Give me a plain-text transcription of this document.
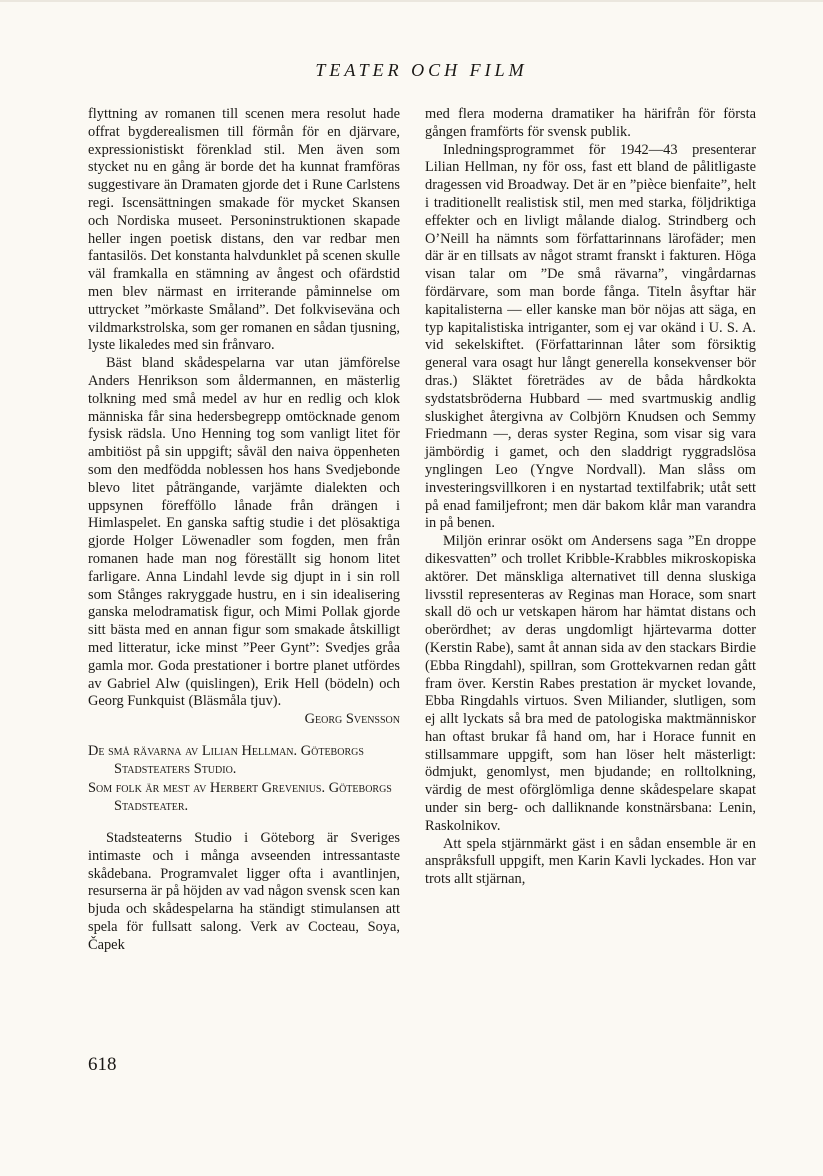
TEATER OCH FILM

flyttning av romanen till scenen mera resolut hade offrat bygderealismen till förmån för en djärvare, expressionistiskt förenklad stil. Men även som stycket nu en gång är borde det ha kunnat framföras suggestivare än Dramaten gjorde det i Rune Carlstens regi. Iscensättningen smakade för mycket Skansen och Nordiska museet. Personinstruktionen skapade heller ingen poetisk distans, den var redbar men fantasilös. Det konstanta halvdunklet på scenen skulle väl framkalla en stämning av ångest och ofärdstid men blev närmast en irriterande påminnelse om uttrycket ”mörkaste Småland”. Det folkviseväna och vildmarkstrolska, som ger romanen en sådan tjusning, lyste likaledes med sin frånvaro.

Bäst bland skådespelarna var utan jämförelse Anders Henrikson som åldermannen, en mästerlig tolkning med små medel av hur en redlig och klok människa får sina hedersbegrepp omtöcknade genom fysisk rädsla. Uno Henning tog som vanligt litet för ambitiöst på sin uppgift; såväl den naiva öppenheten som den medfödda noblessen hos hans Svedjebonde blevo litet påträngande, varjämte dialekten och uppsynen förefföllo lånade från drängen i Himlaspelet. En ganska saftig studie i det plösaktiga gjorde Holger Löwenadler som fogden, men från romanen hade man nog föreställt sig honom litet farligare. Anna Lindahl levde sig djupt in i sin roll som Stånges rakryggade hustru, en i sin idealisering ganska melodramatisk figur, och Mimi Pollak gjorde sitt bästa med en annan figur som smakade åtskilligt med litteratur, icke minst ”Peer Gynt”: Svedjes gråa gamla mor. Goda prestationer i bortre planet utfördes av Gabriel Alw (quislingen), Erik Hell (bödeln) och Georg Funkquist (Bläsmåla tjuv).

Georg Svensson

De små rävarna av Lilian Hellman. Göteborgs Stadsteaters Studio.

Som folk är mest av Herbert Grevenius. Göteborgs Stadsteater.

Stadsteaterns Studio i Göteborg är Sveriges intimaste och i många avseenden intressantaste skådebana. Programvalet ligger ofta i avantlinjen, resurserna är på höjden av vad någon svensk scen kan bjuda och skådespelarna ha ständigt stimulansen att spela för fullsatt salong. Verk av Cocteau, Soya, Čapek

med flera moderna dramatiker ha härifrån för första gången framförts för svensk publik.

Inledningsprogrammet för 1942—43 presenterar Lilian Hellman, ny för oss, fast ett bland de pålitligaste dragessen vid Broadway. Det är en ”pièce bienfaite”, helt i traditionellt realistisk stil, men med starka, följdriktiga effekter och en livligt målande dialog. Strindberg och O’Neill ha nämnts som författarinnans lärofäder; men där är en tillsats av något stramt franskt i fakturen. Höga visan talar om ”De små rävarna”, vingårdarnas fördärvare, som man borde fånga. Titeln åsyftar här kapitalisterna — eller kanske man bör nöjas att säga, en typ kapitalistiska intriganter, som ej var okänd i U. S. A. vid sekelskiftet. (Författarinnan låter som försiktig general vara osagt hur långt generella konsekvenser bör dras.) Släktet företrädes av de båda hårdkokta sydstatsbröderna Hubbard — med svartmuskig andlig sluskighet återgivna av Colbjörn Knudsen och Semmy Friedmann —, deras syster Regina, som visar sig vara jämbördig i gamet, och den sladdrigt ryggradslösa ynglingen Leo (Yngve Nordvall). Man slåss om investeringsvillkoren i en nystartad textilfabrik; utåt sett på enad familjefront; men där bakom klår man varandra in på benen.

Miljön erinrar osökt om Andersens saga ”En droppe dikesvatten” och trollet Kribble-Krabbles mikroskopiska aktörer. Det mänskliga alternativet till denna sluskiga livsstil representeras av Reginas man Horace, som snart skall dö och ur vetskapen härom har hämtat distans och oberördhet; av deras ungdomligt hjärtevarma dotter (Kerstin Rabe), samt åt annan sida av den stackars Birdie (Ebba Ringdahl), spillran, som Grottekvarnen redan gått fram över. Kerstin Rabes prestation är mycket lovande, Ebba Ringdahls virtuos. Sven Miliander, slutligen, som ej allt lyckats så bra med de patologiska maktmänniskor han oftast brukar få hand om, har i Horace funnit en stillsammare uppgift, som han löser helt mästerligt: ödmjukt, genomlyst, men bjudande; en rolltolkning, värdig de mest oförglömliga denne skådespelare skapat under sin berg- och dalliknande konstnärsbana: Lenin, Raskolnikov.

Att spela stjärnmärkt gäst i en sådan ensemble är en anspråksfull uppgift, men Karin Kavli lyckades. Hon var trots allt stjärnan,

618
